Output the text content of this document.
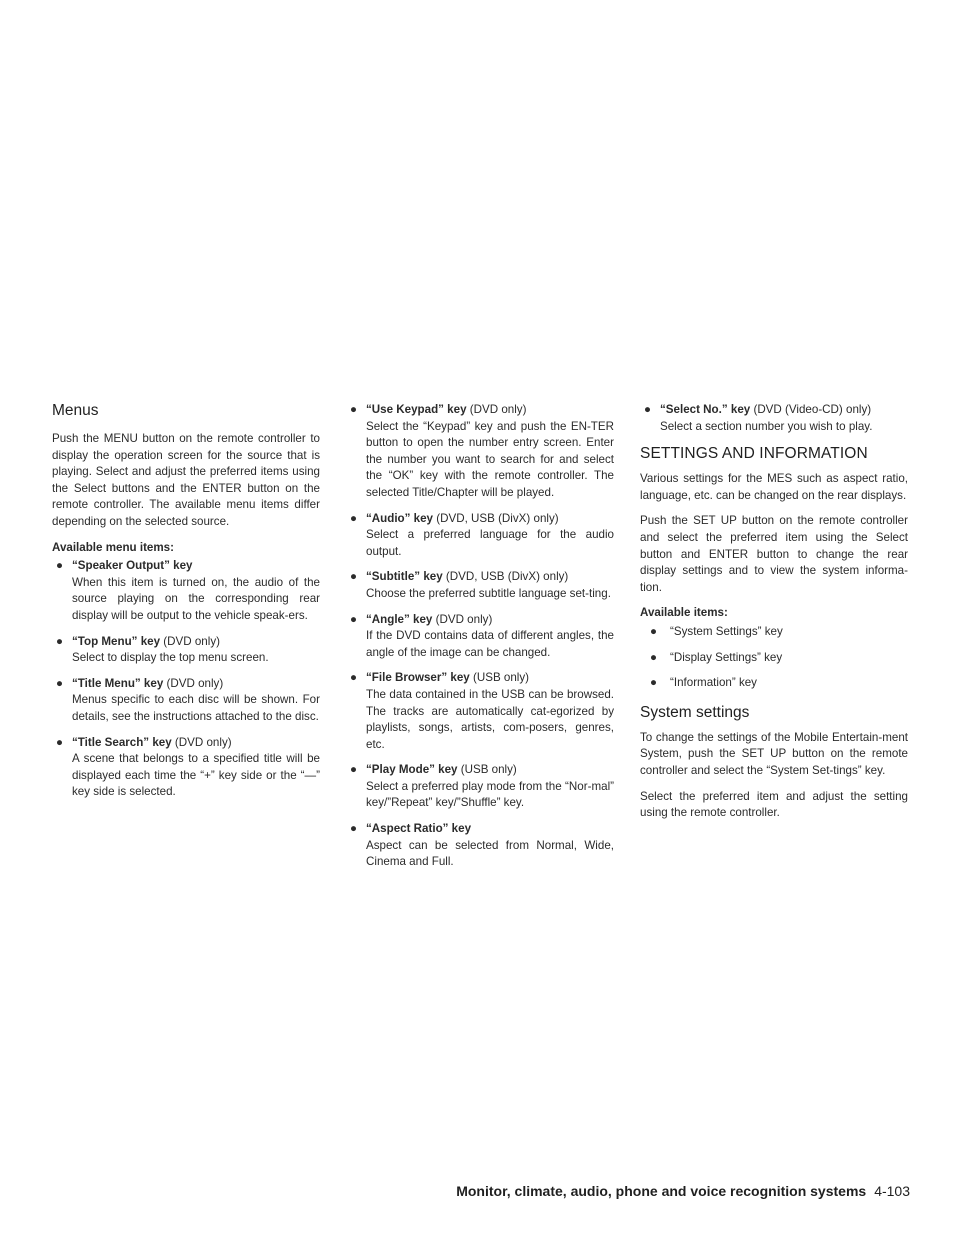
Menus

Push the MENU button on the remote controller to display the operation screen for the source that is playing. Select and adjust the preferred items using the Select buttons and the ENTER button on the remote controller. The available menu items differ depending on the selected source.

Available menu items:
● “Speaker Output” key
When this item is turned on, the audio of the source playing on the corresponding rear display will be output to the vehicle speak-ers.
● “Top Menu” key (DVD only)
Select to display the top menu screen.
● “Title Menu” key (DVD only)
Menus specific to each disc will be shown. For details, see the instructions attached to the disc.
● “Title Search” key (DVD only)
A scene that belongs to a specified title will be displayed each time the “+” key side or the “—” key side is selected.
● “Use Keypad” key (DVD only)
Select the “Keypad” key and push the EN-TER button to open the number entry screen. Enter the number you want to search for and select the “OK” key with the remote controller. The selected Title/Chapter will be played.
● “Audio” key (DVD, USB (DivX) only)
Select a preferred language for the audio output.
● “Subtitle” key (DVD, USB (DivX) only)
Choose the preferred subtitle language set-ting.
● “Angle” key (DVD only)
If the DVD contains data of different angles, the angle of the image can be changed.
● “File Browser” key (USB only)
The data contained in the USB can be browsed. The tracks are automatically cat-egorized by playlists, songs, artists, com-posers, genres, etc.
● “Play Mode” key (USB only)
Select a preferred play mode from the “Nor-mal” key/”Repeat” key/”Shuffle” key.
● “Aspect Ratio” key
Aspect can be selected from Normal, Wide, Cinema and Full.
● “Select No.” key (DVD (Video-CD) only)
Select a section number you wish to play.
SETTINGS AND INFORMATION

Various settings for the MES such as aspect ratio, language, etc. can be changed on the rear displays.

Push the SET UP button on the remote controller and select the preferred item using the Select button and ENTER button to change the rear display settings and to view the system informa-tion.

Available items:
● “System Settings” key
● “Display Settings” key
● “Information” key
System settings

To change the settings of the Mobile Entertain-ment System, push the SET UP button on the remote controller and select the “System Set-tings” key.

Select the preferred item and adjust the setting using the remote controller.

Monitor, climate, audio, phone and voice recognition systems 4-103
